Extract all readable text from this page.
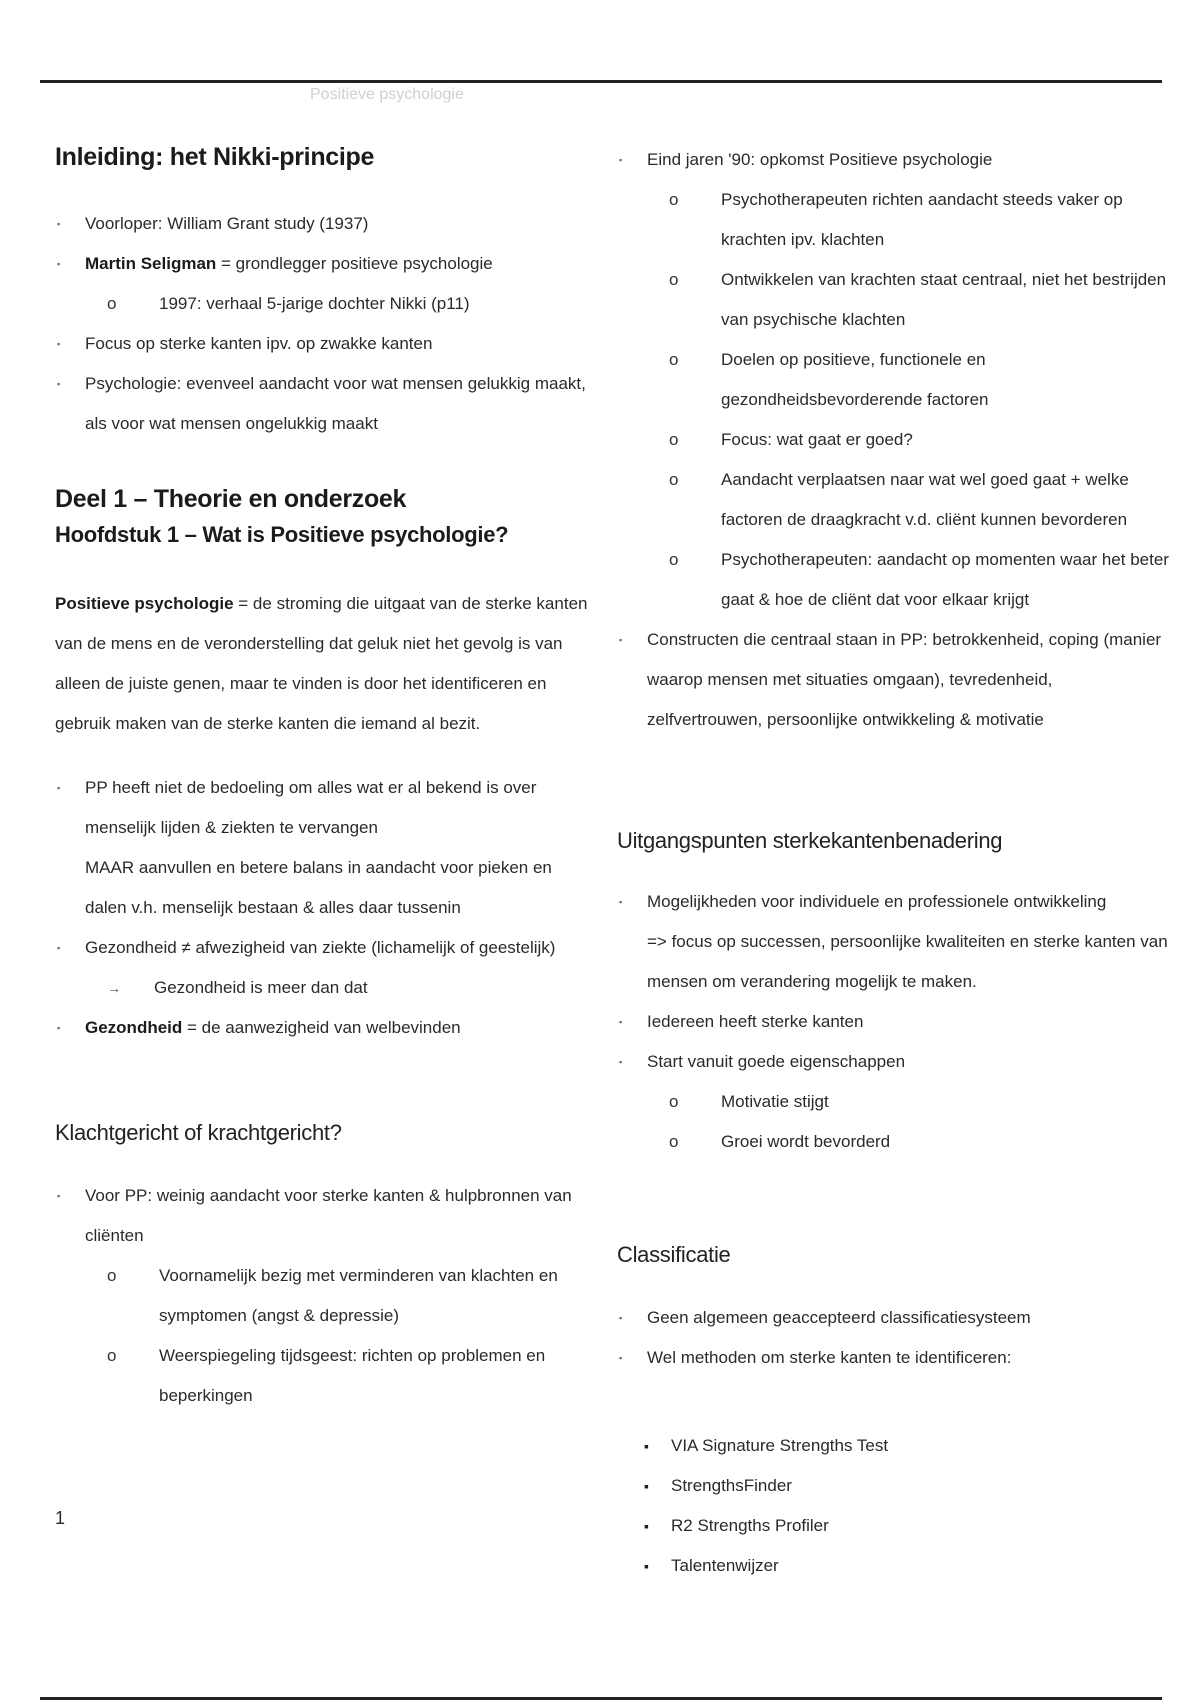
Positieve psychologie
Inleiding: het Nikki-principe
▪ Voorloper: William Grant study (1937)
▪ Martin Seligman = grondlegger positieve psychologie
o 1997: verhaal 5-jarige dochter Nikki (p11)
▪ Focus op sterke kanten ipv. op zwakke kanten
▪ Psychologie: evenveel aandacht voor wat mensen gelukkig maakt, als voor wat mensen ongelukkig maakt
Deel 1 – Theorie en onderzoek
Hoofdstuk 1 – Wat is Positieve psychologie?

Positieve psychologie = de stroming die uitgaat van de sterke kanten van de mens en de veronderstelling dat geluk niet het gevolg is van alleen de juiste genen, maar te vinden is door het identificeren en gebruik maken van de sterke kanten die iemand al bezit.

▪ PP heeft niet de bedoeling om alles wat er al bekend is over menselijk lijden & ziekten te vervangen
MAAR aanvullen en betere balans in aandacht voor pieken en dalen v.h. menselijk bestaan & alles daar tussenin
▪ Gezondheid ≠ afwezigheid van ziekte (lichamelijk of geestelijk)
→ Gezondheid is meer dan dat
▪ Gezondheid = de aanwezigheid van welbevinden
Klachtgericht of krachtgericht?
▪ Voor PP: weinig aandacht voor sterke kanten & hulpbronnen van cliënten
o Voornamelijk bezig met verminderen van klachten en symptomen (angst & depressie)
o Weerspiegeling tijdsgeest: richten op problemen en beperkingen
▪ Eind jaren '90: opkomst Positieve psychologie
o Psychotherapeuten richten aandacht steeds vaker op krachten ipv. klachten
o Ontwikkelen van krachten staat centraal, niet het bestrijden van psychische klachten
o Doelen op positieve, functionele en gezondheidsbevorderende factoren
o Focus: wat gaat er goed?
o Aandacht verplaatsen naar wat wel goed gaat + welke factoren de draagkracht v.d. cliënt kunnen bevorderen
o Psychotherapeuten: aandacht op momenten waar het beter gaat & hoe de cliënt dat voor elkaar krijgt
▪ Constructen die centraal staan in PP: betrokkenheid, coping (manier waarop mensen met situaties omgaan), tevredenheid, zelfvertrouwen, persoonlijke ontwikkeling & motivatie
Uitgangspunten sterkekantenbenadering
▪ Mogelijkheden voor individuele en professionele ontwikkeling
=> focus op successen, persoonlijke kwaliteiten en sterke kanten van mensen om verandering mogelijk te maken.
▪ Iedereen heeft sterke kanten
▪ Start vanuit goede eigenschappen
o Motivatie stijgt
o Groei wordt bevorderd
Classificatie
▪ Geen algemeen geaccepteerd classificatiesysteem
▪ Wel methoden om sterke kanten te identificeren:
▪ VIA Signature Strengths Test
▪ StrengthsFinder
▪ R2 Strengths Profiler
▪ Talentenwijzer
1
